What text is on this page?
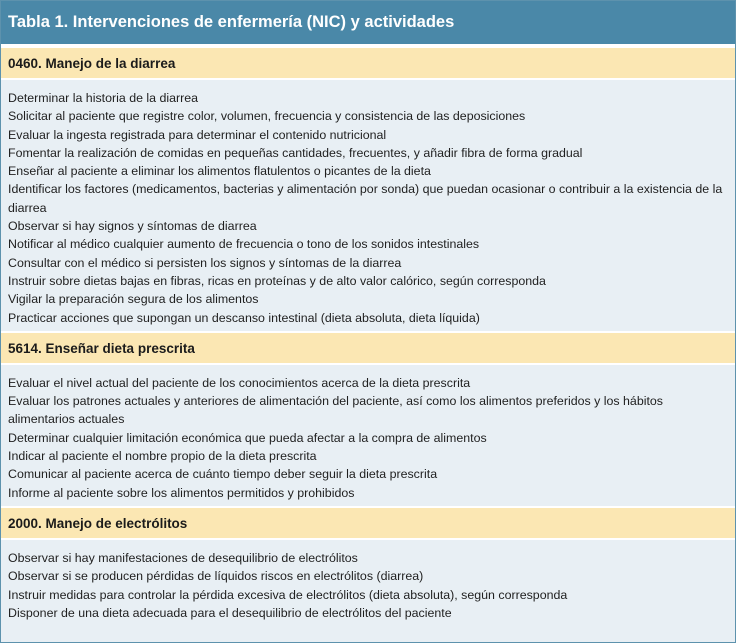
Tabla 1. Intervenciones de enfermería (NIC) y actividades
0460. Manejo de la diarrea

Determinar la historia de la diarrea

Solicitar al paciente que registre color, volumen, frecuencia y consistencia de las deposiciones

Evaluar la ingesta registrada para determinar el contenido nutricional

Fomentar la realización de comidas en pequeñas cantidades, frecuentes, y añadir fibra de forma gradual

Enseñar al paciente a eliminar los alimentos flatulentos o picantes de la dieta

Identificar los factores (medicamentos, bacterias y alimentación por sonda) que puedan ocasionar o contribuir a la existencia de la diarrea

Observar si hay signos y síntomas de diarrea

Notificar al médico cualquier aumento de frecuencia o tono de los sonidos intestinales

Consultar con el médico si persisten los signos y síntomas de la diarrea

Instruir sobre dietas bajas en fibras, ricas en proteínas y de alto valor calórico, según corresponda

Vigilar la preparación segura de los alimentos

Practicar acciones que supongan un descanso intestinal (dieta absoluta, dieta líquida)

5614. Enseñar dieta prescrita

Evaluar el nivel actual del paciente de los conocimientos acerca de la dieta prescrita

Evaluar los patrones actuales y anteriores de alimentación del paciente, así como los alimentos preferidos y los hábitos alimentarios actuales

Determinar cualquier limitación económica que pueda afectar a la compra de alimentos

Indicar al paciente el nombre propio de la dieta prescrita

Comunicar al paciente acerca de cuánto tiempo deber seguir la dieta prescrita

Informe al paciente sobre los alimentos permitidos y prohibidos

2000. Manejo de electrólitos

Observar si hay manifestaciones de desequilibrio de electrólitos

Observar si se producen pérdidas de líquidos riscos en electrólitos (diarrea)

Instruir medidas para controlar la pérdida excesiva de electrólitos (dieta absoluta), según corresponda

Disponer de una dieta adecuada para el desequilibrio de electrólitos del paciente
